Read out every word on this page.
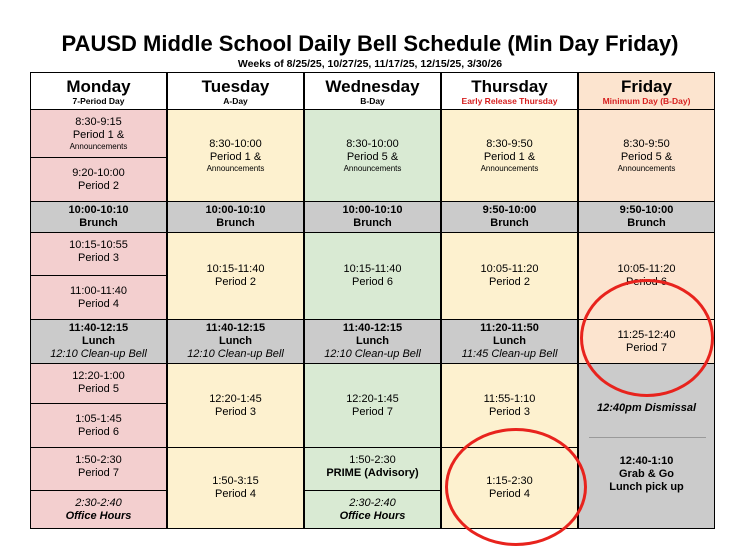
PAUSD Middle School Daily Bell Schedule (Min Day Friday)
Weeks of 8/25/25, 10/27/25, 11/17/25, 12/15/25, 3/30/26
Monday
7-Period Day
8:30-9:15
Period 1 &
Announcements
9:20-10:00
Period 2
10:00-10:10
Brunch
10:15-10:55
Period 3
11:00-11:40
Period 4
11:40-12:15
Lunch
12:10 Clean-up Bell
12:20-1:00
Period 5
1:05-1:45
Period 6
1:50-2:30
Period 7
2:30-2:40
Office Hours
Tuesday
A-Day
8:30-10:00
Period 1 &
Announcements
10:00-10:10
Brunch
10:15-11:40
Period 2
11:40-12:15
Lunch
12:10 Clean-up Bell
12:20-1:45
Period 3
1:50-3:15
Period 4
Wednesday
B-Day
8:30-10:00
Period 5 &
Announcements
10:00-10:10
Brunch
10:15-11:40
Period 6
11:40-12:15
Lunch
12:10 Clean-up Bell
12:20-1:45
Period 7
1:50-2:30
PRIME (Advisory)
2:30-2:40
Office Hours
Thursday
Early Release Thursday
8:30-9:50
Period 1 &
Announcements
9:50-10:00
Brunch
10:05-11:20
Period 2
11:20-11:50
Lunch
11:45 Clean-up Bell
11:55-1:10
Period 3
1:15-2:30
Period 4
Friday
Minimum Day (B-Day)
8:30-9:50
Period 5 &
Announcements
9:50-10:00
Brunch
10:05-11:20
Period 6
11:25-12:40
Period 7
12:40pm Dismissal
12:40-1:10
Grab & Go
Lunch pick up
